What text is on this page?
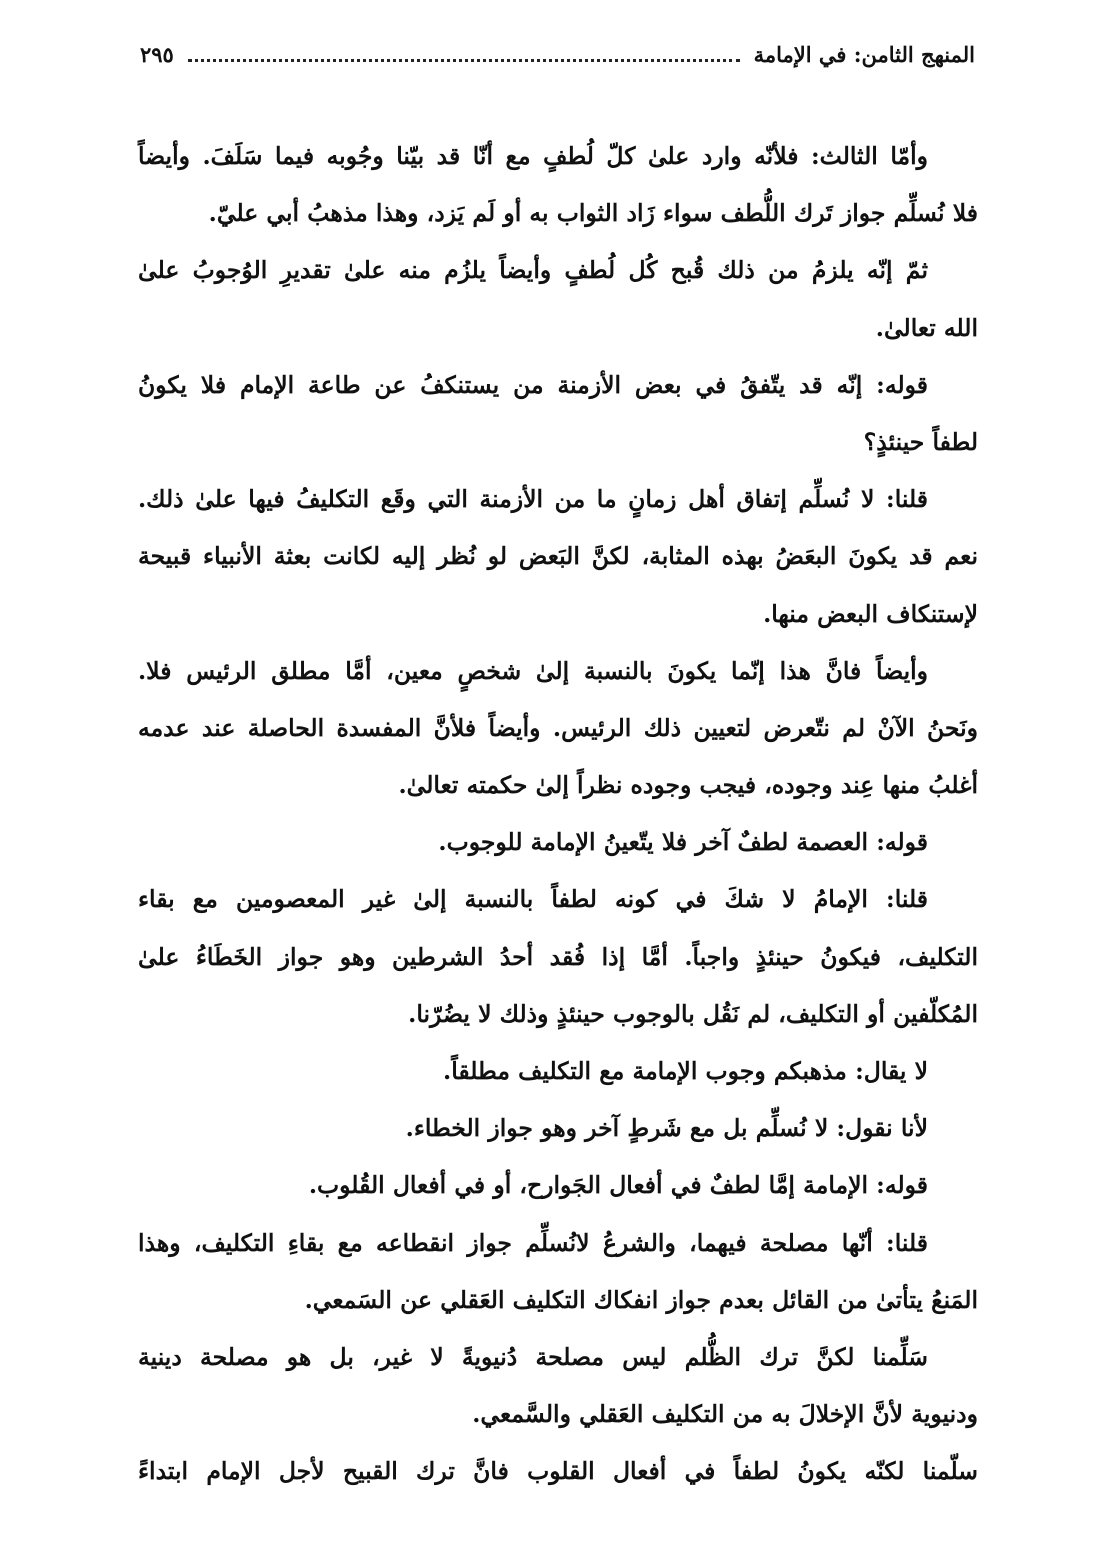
المنهج الثامن: في الإمامة
٢٩٥
وأمّا الثالث: فلأنّه وارد علىٰ كلّ لُطفٍ مع أنّا قد بيّنا وجُوبه فيما سَلَفَ. وأيضاً
فلا نُسلِّم جواز تَرك اللُّطف سواء زَاد الثواب به أو لَم يَزد، وهذا مذهبُ أبي عليّ.
ثمّ إنّه يلزمُ من ذلك قُبح كُل لُطفٍ وأيضاً يلزُم منه علىٰ تقديرِ الوُجوبُ علىٰ
الله تعالىٰ.
قوله: إنّه قد يتّفقُ في بعض الأزمنة من يستنكفُ عن طاعة الإمام فلا يكونُ
لطفاً حينئذٍ؟
قلنا: لا نُسلِّم إتفاق أهل زمانٍ ما من الأزمنة التي وقَع التكليفُ فيها علىٰ ذلك.
نعم قد يكونَ البعَضُ بهذه المثابة، لكنَّ البَعض لو نُظر إليه لكانت بعثة الأنبياء قبيحة
لإستنكاف البعض منها.
وأيضاً فانَّ هذا إنّما يكونَ بالنسبة إلىٰ شخصٍ معين، أمَّا مطلق الرئيس فلا.
ونَحنُ الآنْ لم نتّعرض لتعيين ذلك الرئيس. وأيضاً فلأنَّ المفسدة الحاصلة عند عدمه
أغلبُ منها عِند وجوده، فيجب وجوده نظراً إلىٰ حكمته تعالىٰ.
قوله: العصمة لطفٌ آخر فلا يتّعينُ الإمامة للوجوب.
قلنا: الإمامُ لا شكَ في كونه لطفاً بالنسبة إلىٰ غير المعصومين مع بقاء
التكليف، فيكونُ حينئذٍ واجباً. أمَّا إذا فُقد أحدُ الشرطين وهو جواز الخَطَاءُ علىٰ
المُكلّفين أو التكليف، لم نَقُل بالوجوب حينئذٍ وذلك لا يضُرّنا.
لا يقال: مذهبكم وجوب الإمامة مع التكليف مطلقاً.
لأنا نقول: لا نُسلِّم بل مع شَرطٍ آخر وهو جواز الخطاء.
قوله: الإمامة إمَّا لطفٌ في أفعال الجَوارح، أو في أفعال القُلوب.
قلنا: أنّها مصلحة فيهما، والشرعُ لانُسلِّم جواز انقطاعه مع بقاءِ التكليف، وهذا
المَنعُ يتأتىٰ من القائل بعدم جواز انفكاك التكليف العَقلي عن السَمعي.
سَلِّمنا لكنَّ ترك الظُّلم ليس مصلحة دُنيويةً لا غير، بل هو مصلحة دينية
ودنيوية لأنَّ الإخلالَ به من التكليف العَقلي والسَّمعي.
سلّمنا لكنّه يكونُ لطفاً في أفعال القلوب فانَّ ترك القبيح لأجل الإمام ابتداءً
